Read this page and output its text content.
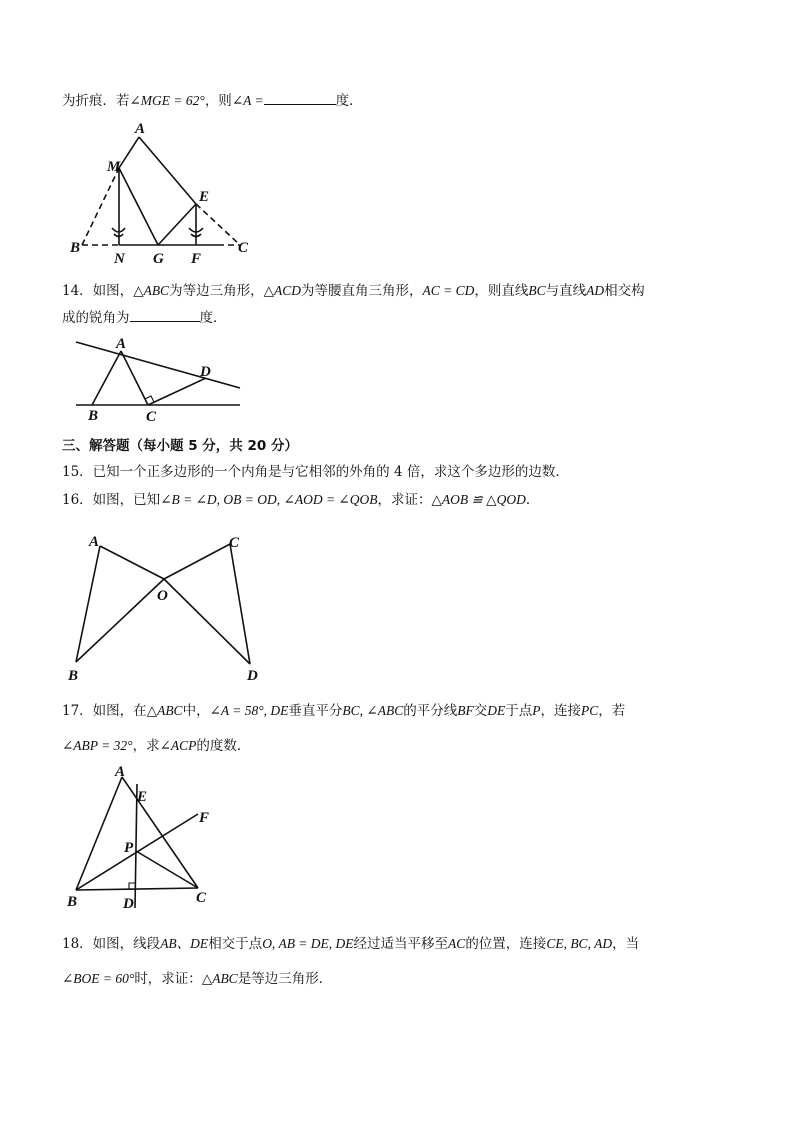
为折痕．若∠MGE = 62°，则∠A =	度．
A
M
E
B
N G F
C
14．如图，△ABC为等边三角形，△ACD为等腰直角三角形，AC = CD，则直线BC与直线AD相交构
成的锐角为	度．
A
D
B	C
三、解答题（每小题 5 分，共 20 分）
15．已知一个正多边形的一个内角是与它相邻的外角的 4 倍，求这个多边形的边数．
16．如图，已知∠B = ∠D, OB = OD, ∠AOD = ∠QOB，求证：△AOB ≌ △QOD．
A	C
O
B	D
17．如图，在△ABC中，∠A = 58°, DE垂直平分BC, ∠ABC的平分线BF交DE于点P，连接PC，若
∠ABP = 32°，求∠ACP的度数．
A
E
F
P
B	D	C
18．如图，线段AB、DE相交于点O, AB = DE, DE经过适当平移至AC的位置，连接CE, BC, AD，当
∠BOE = 60°时，求证：△ABC是等边三角形．
